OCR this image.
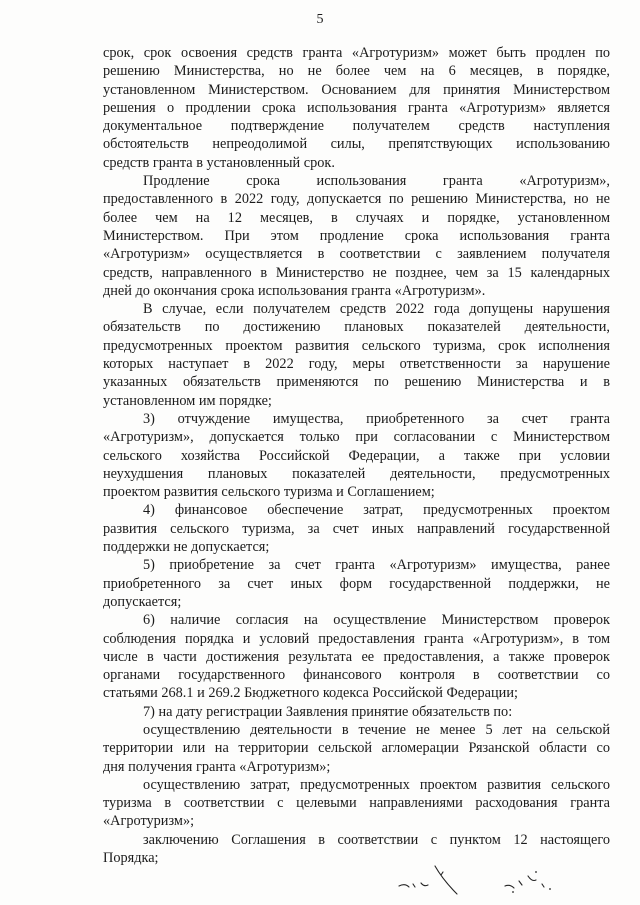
5
срок, срок освоения средств гранта «Агротуризм» может быть продлен по
решению Министерства, но не более чем на 6 месяцев, в порядке,
установленном Министерством. Основанием для принятия Министерством
решения о продлении срока использования гранта «Агротуризм» является
документальное подтверждение получателем средств наступления
обстоятельств непреодолимой силы, препятствующих использованию
средств гранта в установленный срок.
Продление срока использования гранта «Агротуризм»,
предоставленного в 2022 году, допускается по решению Министерства, но не
более чем на 12 месяцев, в случаях и порядке, установленном
Министерством. При этом продление срока использования гранта
«Агротуризм» осуществляется в соответствии с заявлением получателя
средств, направленного в Министерство не позднее, чем за 15 календарных
дней до окончания срока использования гранта «Агротуризм».
В случае, если получателем средств 2022 года допущены нарушения
обязательств по достижению плановых показателей деятельности,
предусмотренных проектом развития сельского туризма, срок исполнения
которых наступает в 2022 году, меры ответственности за нарушение
указанных обязательств применяются по решению Министерства и в
установленном им порядке;
3) отчуждение имущества, приобретенного за счет гранта
«Агротуризм», допускается только при согласовании с Министерством
сельского хозяйства Российской Федерации, а также при условии
неухудшения плановых показателей деятельности, предусмотренных
проектом развития сельского туризма и Соглашением;
4) финансовое обеспечение затрат, предусмотренных проектом
развития сельского туризма, за счет иных направлений государственной
поддержки не допускается;
5) приобретение за счет гранта «Агротуризм» имущества, ранее
приобретенного за счет иных форм государственной поддержки, не
допускается;
6) наличие согласия на осуществление Министерством проверок
соблюдения порядка и условий предоставления гранта «Агротуризм», в том
числе в части достижения результата ее предоставления, а также проверок
органами государственного финансового контроля в соответствии со
статьями 268.1 и 269.2 Бюджетного кодекса Российской Федерации;
7) на дату регистрации Заявления принятие обязательств по:
осуществлению деятельности в течение не менее 5 лет на сельской
территории или на территории сельской агломерации Рязанской области со
дня получения гранта «Агротуризм»;
осуществлению затрат, предусмотренных проектом развития сельского
туризма в соответствии с целевыми направлениями расходования гранта
«Агротуризм»;
заключению Соглашения в соответствии с пунктом 12 настоящего
Порядка;
